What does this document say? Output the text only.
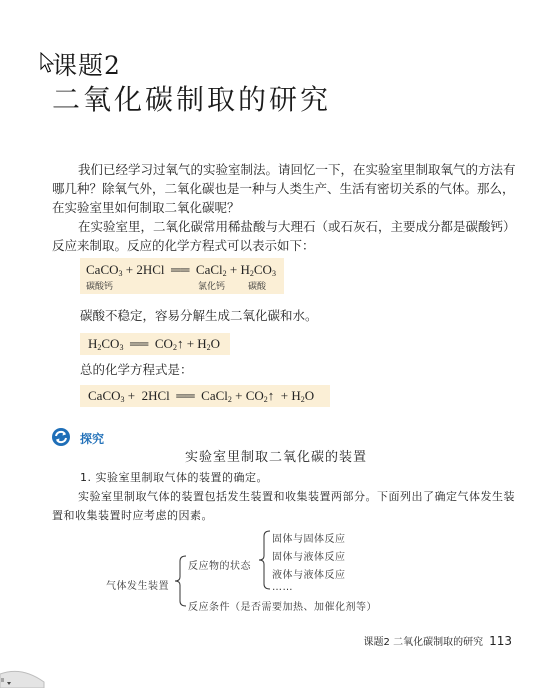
课题2
二氧化碳制取的研究
我们已经学习过氧气的实验室制法。请回忆一下，在实验室里制取氧气的方法有哪几种？除氧气外，二氧化碳也是一种与人类生产、生活有密切关系的气体。那么，在实验室里如何制取二氧化碳呢？
在实验室里，二氧化碳常用稀盐酸与大理石（或石灰石，主要成分都是碳酸钙）反应来制取。反应的化学方程式可以表示如下：
CaCO$_3$ + 2HCl  ══  CaCl$_2$ + $H_2CO_3$
碳酸钙	氯化钙	碳酸
碳酸不稳定，容易分解生成二氧化碳和水。
$H_2CO_3$  ══  $CO_2↑ + H_2O$
总的化学方程式是：
CaCO$_3$ +  2HCl  ══  CaCl$_2$ + $CO_2↑ + H_2O$
探究
实验室里制取二氧化碳的装置
1. 实验室里制取气体的装置的确定。
实验室里制取气体的装置包括发生装置和收集装置两部分。下面列出了确定气体发生装置和收集装置时应考虑的因素。
气体发生装置
反应物的状态
固体与固体反应
固体与液体反应
液体与液体反应
……
反应条件（是否需要加热、加催化剂等）
课题2 二氧化碳制取的研究 113
